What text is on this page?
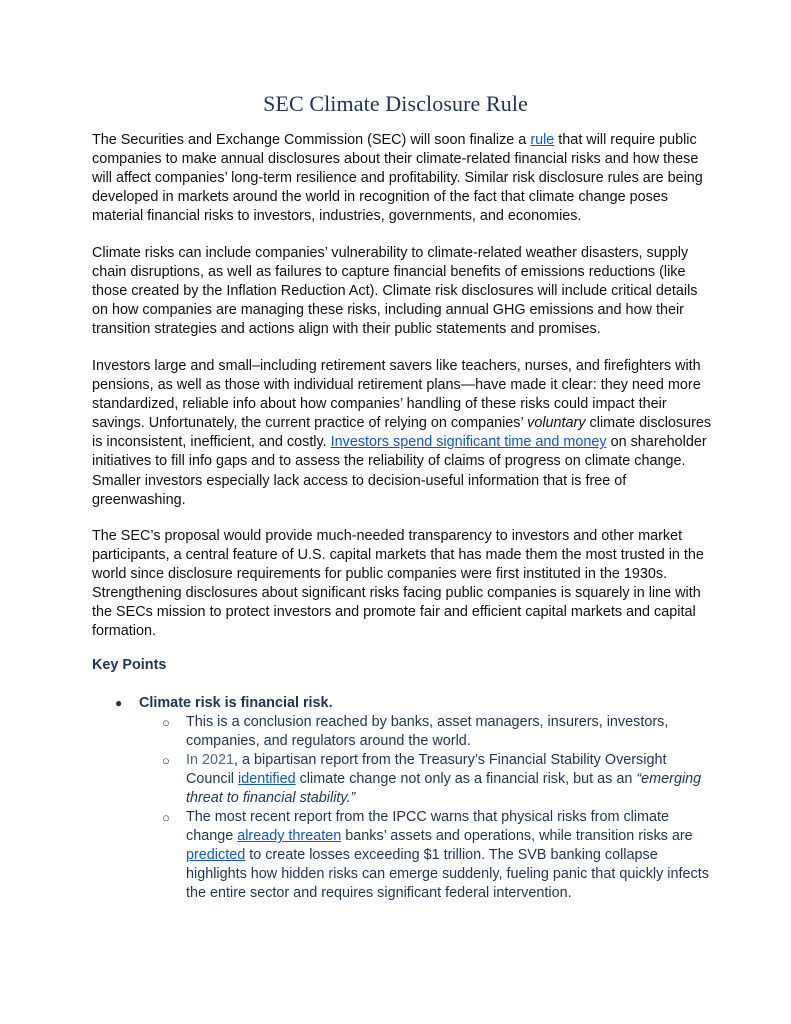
SEC Climate Disclosure Rule

The Securities and Exchange Commission (SEC) will soon finalize a rule that will require public companies to make annual disclosures about their climate-related financial risks and how these will affect companies’ long-term resilience and profitability. Similar risk disclosure rules are being developed in markets around the world in recognition of the fact that climate change poses material financial risks to investors, industries, governments, and economies.

Climate risks can include companies’ vulnerability to climate-related weather disasters, supply chain disruptions, as well as failures to capture financial benefits of emissions reductions (like those created by the Inflation Reduction Act). Climate risk disclosures will include critical details on how companies are managing these risks, including annual GHG emissions and how their transition strategies and actions align with their public statements and promises.

Investors large and small–including retirement savers like teachers, nurses, and firefighters with pensions, as well as those with individual retirement plans—have made it clear: they need more standardized, reliable info about how companies’ handling of these risks could impact their savings. Unfortunately, the current practice of relying on companies’ voluntary climate disclosures is inconsistent, inefficient, and costly. Investors spend significant time and money on shareholder initiatives to fill info gaps and to assess the reliability of claims of progress on climate change. Smaller investors especially lack access to decision-useful information that is free of greenwashing.

The SEC’s proposal would provide much-needed transparency to investors and other market participants, a central feature of U.S. capital markets that has made them the most trusted in the world since disclosure requirements for public companies were first instituted in the 1930s. Strengthening disclosures about significant risks facing public companies is squarely in line with the SECs mission to protect investors and promote fair and efficient capital markets and capital formation.

Key Points
● Climate risk is financial risk.
○ This is a conclusion reached by banks, asset managers, insurers, investors, companies, and regulators around the world.

○ In 2021, a bipartisan report from the Treasury’s Financial Stability Oversight Council identified climate change not only as a financial risk, but as an “emerging threat to financial stability.”

○ The most recent report from the IPCC warns that physical risks from climate change already threaten banks’ assets and operations, while transition risks are predicted to create losses exceeding $1 trillion. The SVB banking collapse highlights how hidden risks can emerge suddenly, fueling panic that quickly infects the entire sector and requires significant federal intervention.
